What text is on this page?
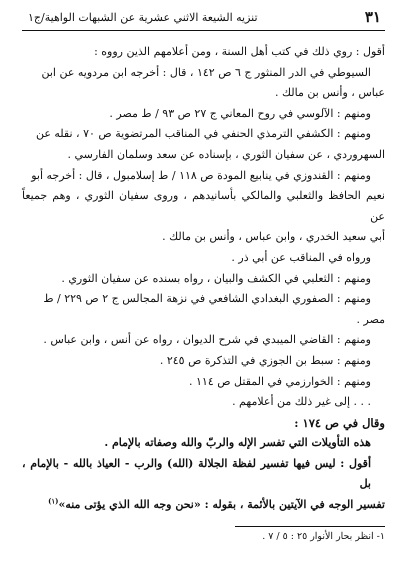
٣١
تنزيه الشيعة الاثني عشرية عن الشبهات الواهية/ج١

أقول : روي ذلك في كتب أهل السنة ، ومن أعلامهم الذين رووه :

السيوطي في الدر المنثور ج ٦ ص ١٤٢ ، قال : أخرجه ابن مردويه عن ابن

عباس ، وأنس بن مالك .

ومنهم : الآلوسي في روح المعاني ج ٢٧ ص ٩٣ / ط مصر .

ومنهم : الكشفي الترمذي الحنفي في المناقب المرتضوية ص ٧٠ ، نقله عن

السهروردي ، عن سفيان الثوري ، بإسناده عن سعد وسلمان الفارسي .

ومنهم : القندوزي في ينابيع المودة ص ١١٨ / ط إسلامبول ، قال : أخرجه أبو

نعيم الحافظ والثعلبي والمالكي بأسانيدهم ، وروى سفيان الثوري ، وهم جميعاً عن

أبي سعيد الخدري ، وابن عباس ، وأنس بن مالك .

ورواه في المناقب عن أبي ذر .

ومنهم : الثعلبي في الكشف والبيان ، رواه بسنده عن سفيان الثوري .

ومنهم : الصفوري البغدادي الشافعي في نزهة المجالس ج ٢ ص ٢٢٩ / ط

مصر .

ومنهم : القاضي الميبدي في شرح الديوان ، رواه عن أنس ، وابن عباس .

ومنهم : سبط بن الجوزي في التذكرة ص ٢٤٥ .

ومنهم : الخوارزمي في المقتل ص ١١٤ .

. . . إلى غير ذلك من أعلامهم .

وقال في ص ١٧٤ :

هذه التأويلات التي تفسر الإله والربّ والله وصفاته بالإمام .

أقول : ليس فيها تفسير لفظة الجلالة (الله) والرب - العياذ بالله - بالإمام ، بل

تفسير الوجه في الآيتين بالأئمة ، بقوله : «نحن وجه الله الذي يؤتى منه»$^{(١)}$

١- انظر بحار الأنوار ٢٥ : ٥ / ٧ .
